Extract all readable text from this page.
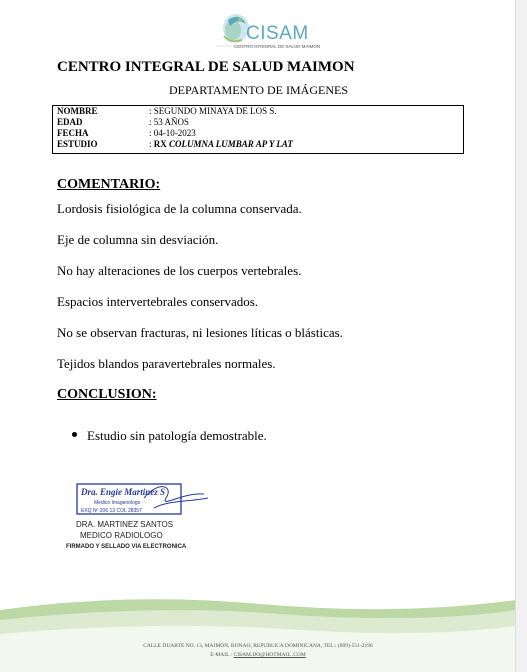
CISAM
CENTRO INTEGRAL DE SALUD MAIMON
CENTRO INTEGRAL DE SALUD MAIMON
DEPARTAMENTO DE IMÁGENES
NOMBRE	: SEGUNDO MINAYA DE LOS S.
EDAD	: 53 AÑOS
FECHA	: 04-10-2023
ESTUDIO	: RX COLUMNA LUMBAR AP Y LAT
COMENTARIO:
Lordosis fisiológica de la columna conservada.
Eje de columna sin desviación.
No hay alteraciones de los cuerpos vertebrales.
Espacios intervertebrales conservados.
No se observan fracturas, ni lesiones líticas o blásticas.
Tejidos blandos paravertebrales normales.
CONCLUSION:
Estudio sin patología demostrable.
Dra. Engie Martinez S
Medico Imagenologo
EXQ Nº 206 13 COL 28357
DRA. MARTINEZ SANTOS
MEDICO RADIOLOGO
FIRMADO Y SELLADO VIA ELECTRONICA
CALLE DUARTE NO. 13, MAIMÓN, BONAO, REPUBLICA DOMINICANA, TEL.: (809)-551-2196
E-MAIL : CISAM.DO@HOTMAIL .COM
